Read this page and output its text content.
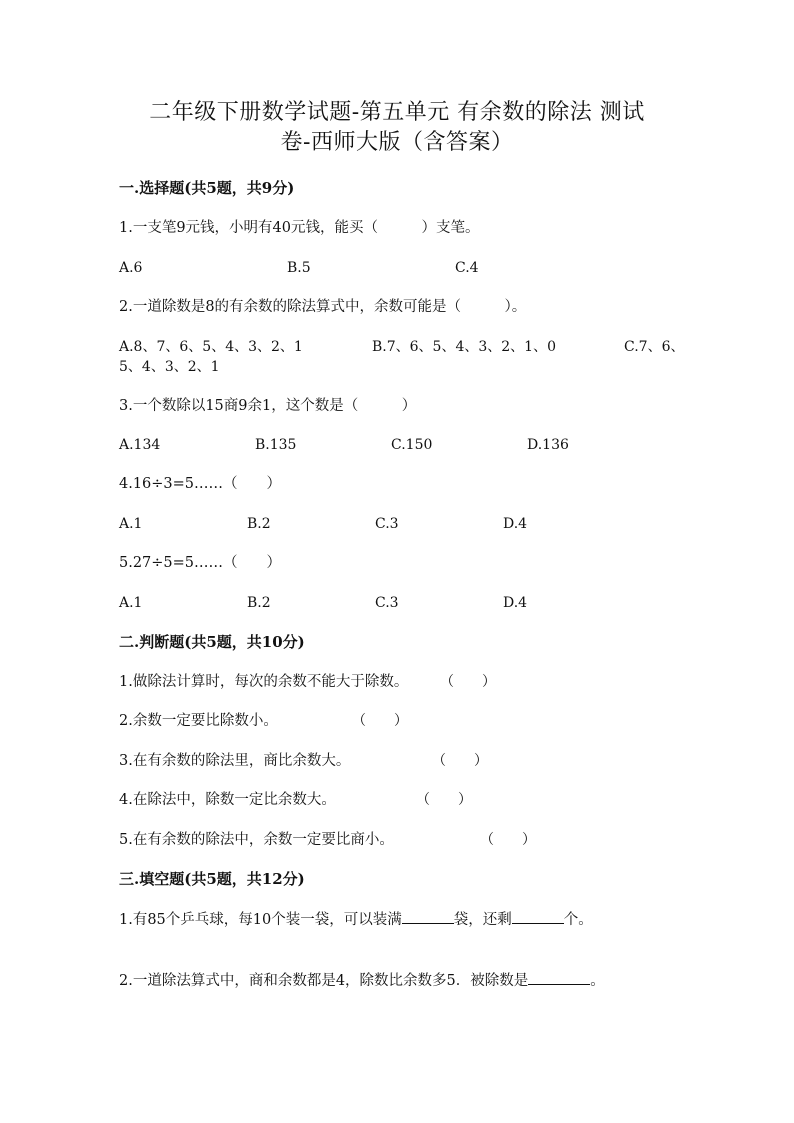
二年级下册数学试题-第五单元 有余数的除法 测试
卷-西师大版（含答案）
一.选择题(共5题，共9分)
1.一支笔9元钱，小明有40元钱，能买（　　　）支笔。
A.6	B.5	C.4
2.一道除数是8的有余数的除法算式中，余数可能是（　　　）。
A.8、7、6、5、4、3、2、1	B.7、6、5、4、3、2、1、0	C.7、6、
5、4、3、2、1
3.一个数除以15商9余1，这个数是（　　　）
A.134	B.135	C.150	D.136
4.16÷3=5……（　　）
A.1	B.2	C.3	D.4
5.27÷5=5……（　　）
A.1	B.2	C.3	D.4
二.判断题(共5题，共10分)
1.做除法计算时，每次的余数不能大于除数。 （　　）
2.余数一定要比除数小。	（　　）
3.在有余数的除法里，商比余数大。	（　　）
4.在除法中，除数一定比余数大。	（　　）
5.在有余数的除法中，余数一定要比商小。	（　　）
三.填空题(共5题，共12分)
1.有85个乒乓球，每10个装一袋，可以装满	袋，还剩	个。
2.一道除法算式中，商和余数都是4，除数比余数多5．被除数是	。
